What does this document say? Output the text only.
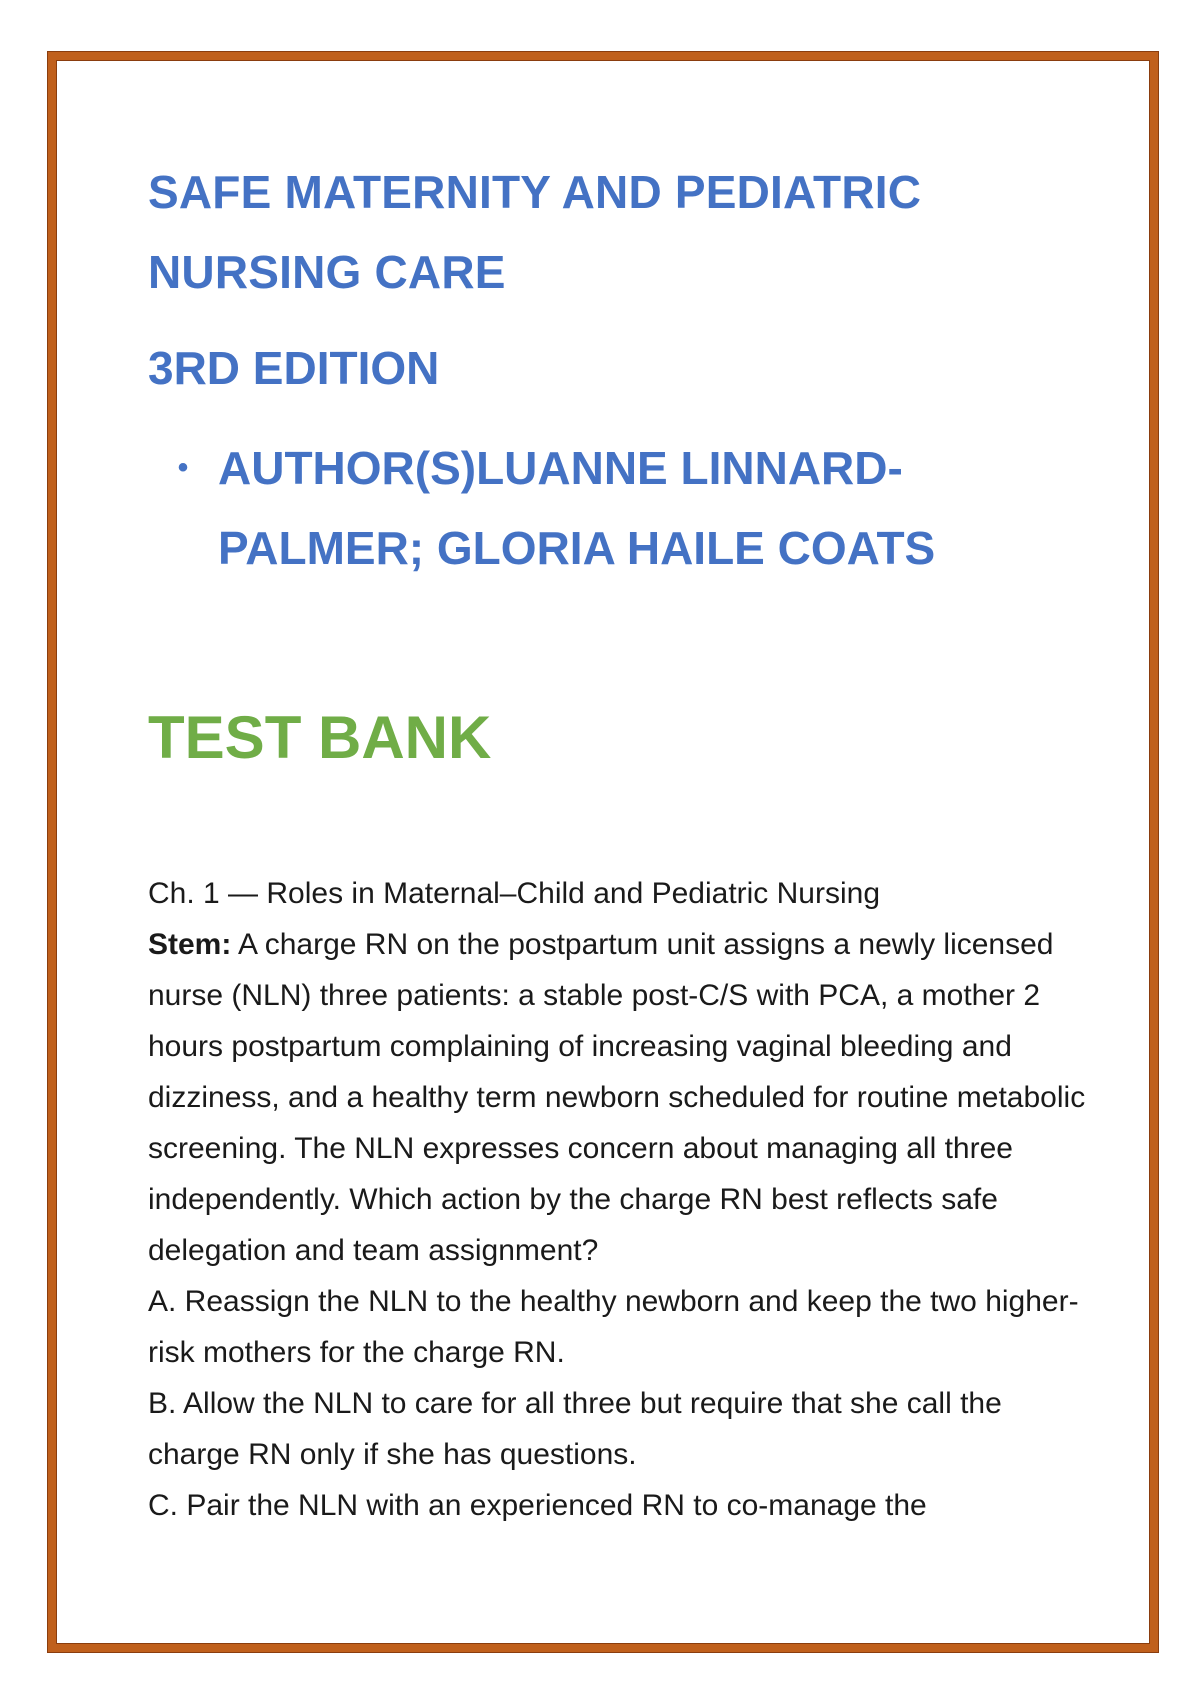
SAFE MATERNITY AND PEDIATRIC NURSING CARE
3RD EDITION
• AUTHOR(S)LUANNE LINNARD-PALMER; GLORIA HAILE COATS
TEST BANK

Ch. 1 — Roles in Maternal–Child and Pediatric Nursing

Stem: A charge RN on the postpartum unit assigns a newly licensed nurse (NLN) three patients: a stable post-C/S with PCA, a mother 2 hours postpartum complaining of increasing vaginal bleeding and dizziness, and a healthy term newborn scheduled for routine metabolic screening. The NLN expresses concern about managing all three independently. Which action by the charge RN best reflects safe delegation and team assignment?

A. Reassign the NLN to the healthy newborn and keep the two higher-risk mothers for the charge RN.

B. Allow the NLN to care for all three but require that she call the charge RN only if she has questions.

C. Pair the NLN with an experienced RN to co-manage the
